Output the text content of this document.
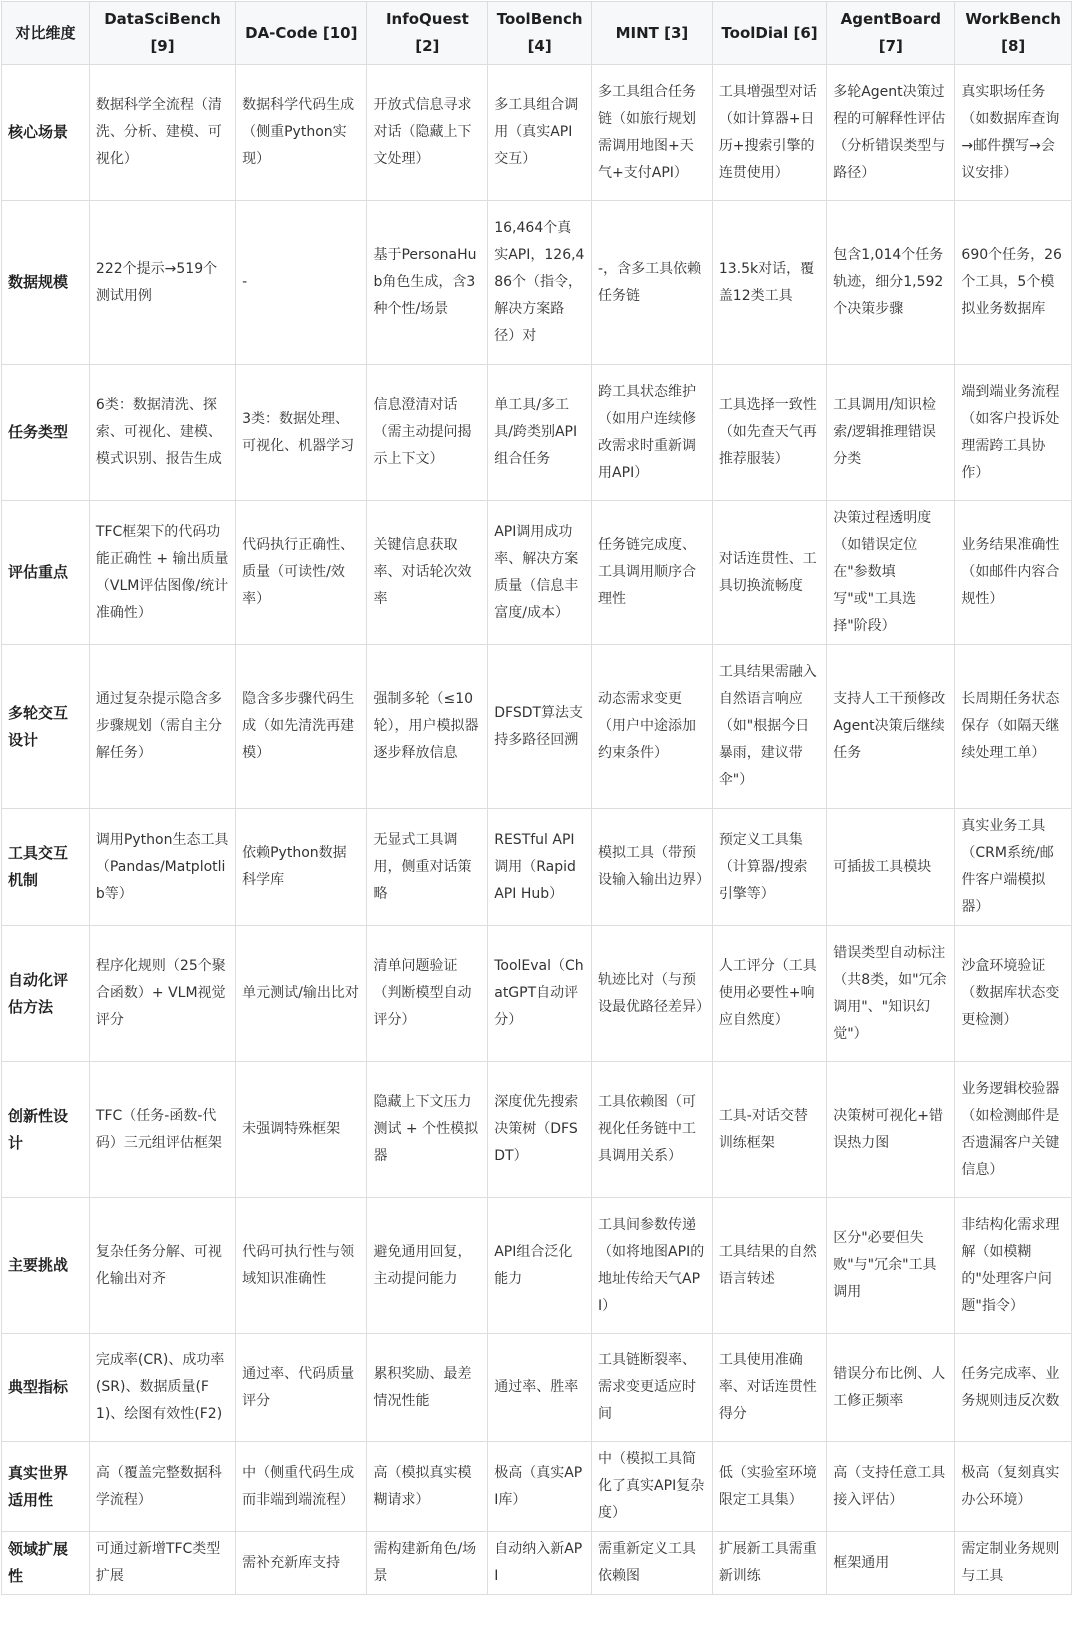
对比维度	DataSciBench [9]	DA-Code [10]	InfoQuest [2]	ToolBench [4]	MINT [3]	ToolDial [6]	AgentBoard [7]	WorkBench [8]
核心场景	数据科学全流程（清洗、分析、建模、可视化）	数据科学代码生成（侧重Python实现）	开放式信息寻求对话（隐藏上下文处理）	多工具组合调用（真实API交互）	多工具组合任务链（如旅行规划需调用地图+天气+支付API）	工具增强型对话（如计算器+日历+搜索引擎的连贯使用）	多轮Agent决策过程的可解释性评估（分析错误类型与路径）	真实职场任务（如数据库查询→邮件撰写→会议安排）
数据规模	222个提示→519个测试用例	-	基于PersonaHub角色生成，含3种个性/场景	16,464个真实API，126,486个（指令，解决方案路径）对	-，含多工具依赖任务链	13.5k对话，覆盖12类工具	包含1,014个任务轨迹，细分1,592个决策步骤	690个任务，26个工具，5个模拟业务数据库
任务类型	6类：数据清洗、探索、可视化、建模、模式识别、报告生成	3类：数据处理、可视化、机器学习	信息澄清对话（需主动提问揭示上下文）	单工具/多工具/跨类别API组合任务	跨工具状态维护（如用户连续修改需求时重新调用API）	工具选择一致性（如先查天气再推荐服装）	工具调用/知识检索/逻辑推理错误分类	端到端业务流程（如客户投诉处理需跨工具协作）
评估重点	TFC框架下的代码功能正确性 + 输出质量（VLM评估图像/统计准确性）	代码执行正确性、质量（可读性/效率）	关键信息获取率、对话轮次效率	API调用成功率、解决方案质量（信息丰富度/成本）	任务链完成度、工具调用顺序合理性	对话连贯性、工具切换流畅度	决策过程透明度（如错误定位在"参数填写"或"工具选择"阶段）	业务结果准确性（如邮件内容合规性）
多轮交互设计	通过复杂提示隐含多步骤规划（需自主分解任务）	隐含多步骤代码生成（如先清洗再建模）	强制多轮（≤10轮），用户模拟器逐步释放信息	DFSDT算法支持多路径回溯	动态需求变更（用户中途添加约束条件）	工具结果需融入自然语言响应（如"根据今日暴雨，建议带伞"）	支持人工干预修改Agent决策后继续任务	长周期任务状态保存（如隔天继续处理工单）
工具交互机制	调用Python生态工具（Pandas/Matplotlib等）	依赖Python数据科学库	无显式工具调用，侧重对话策略	RESTful API调用（RapidAPI Hub）	模拟工具（带预设输入输出边界）	预定义工具集（计算器/搜索引擎等）	可插拔工具模块	真实业务工具（CRM系统/邮件客户端模拟器）
自动化评估方法	程序化规则（25个聚合函数）+ VLM视觉评分	单元测试/输出比对	清单问题验证（判断模型自动评分）	ToolEval（ChatGPT自动评分）	轨迹比对（与预设最优路径差异）	人工评分（工具使用必要性+响应自然度）	错误类型自动标注（共8类，如"冗余调用"、"知识幻觉"）	沙盒环境验证（数据库状态变更检测）
创新性设计	TFC（任务-函数-代码）三元组评估框架	未强调特殊框架	隐藏上下文压力测试 + 个性模拟器	深度优先搜索决策树（DFSDT）	工具依赖图（可视化任务链中工具调用关系）	工具-对话交替训练框架	决策树可视化+错误热力图	业务逻辑校验器（如检测邮件是否遗漏客户关键信息）
主要挑战	复杂任务分解、可视化输出对齐	代码可执行性与领域知识准确性	避免通用回复，主动提问能力	API组合泛化能力	工具间参数传递（如将地图API的地址传给天气API）	工具结果的自然语言转述	区分"必要但失败"与"冗余"工具调用	非结构化需求理解（如模糊的"处理客户问题"指令）
典型指标	完成率(CR)、成功率(SR)、数据质量(F1)、绘图有效性(F2)	通过率、代码质量评分	累积奖励、最差情况性能	通过率、胜率	工具链断裂率、需求变更适应时间	工具使用准确率、对话连贯性得分	错误分布比例、人工修正频率	任务完成率、业务规则违反次数
真实世界适用性	高（覆盖完整数据科学流程）	中（侧重代码生成而非端到端流程）	高（模拟真实模糊请求）	极高（真实API库）	中（模拟工具简化了真实API复杂度）	低（实验室环境限定工具集）	高（支持任意工具接入评估）	极高（复刻真实办公环境）
领域扩展性	可通过新增TFC类型扩展	需补充新库支持	需构建新角色/场景	自动纳入新API	需重新定义工具依赖图	扩展新工具需重新训练	框架通用	需定制业务规则与工具
